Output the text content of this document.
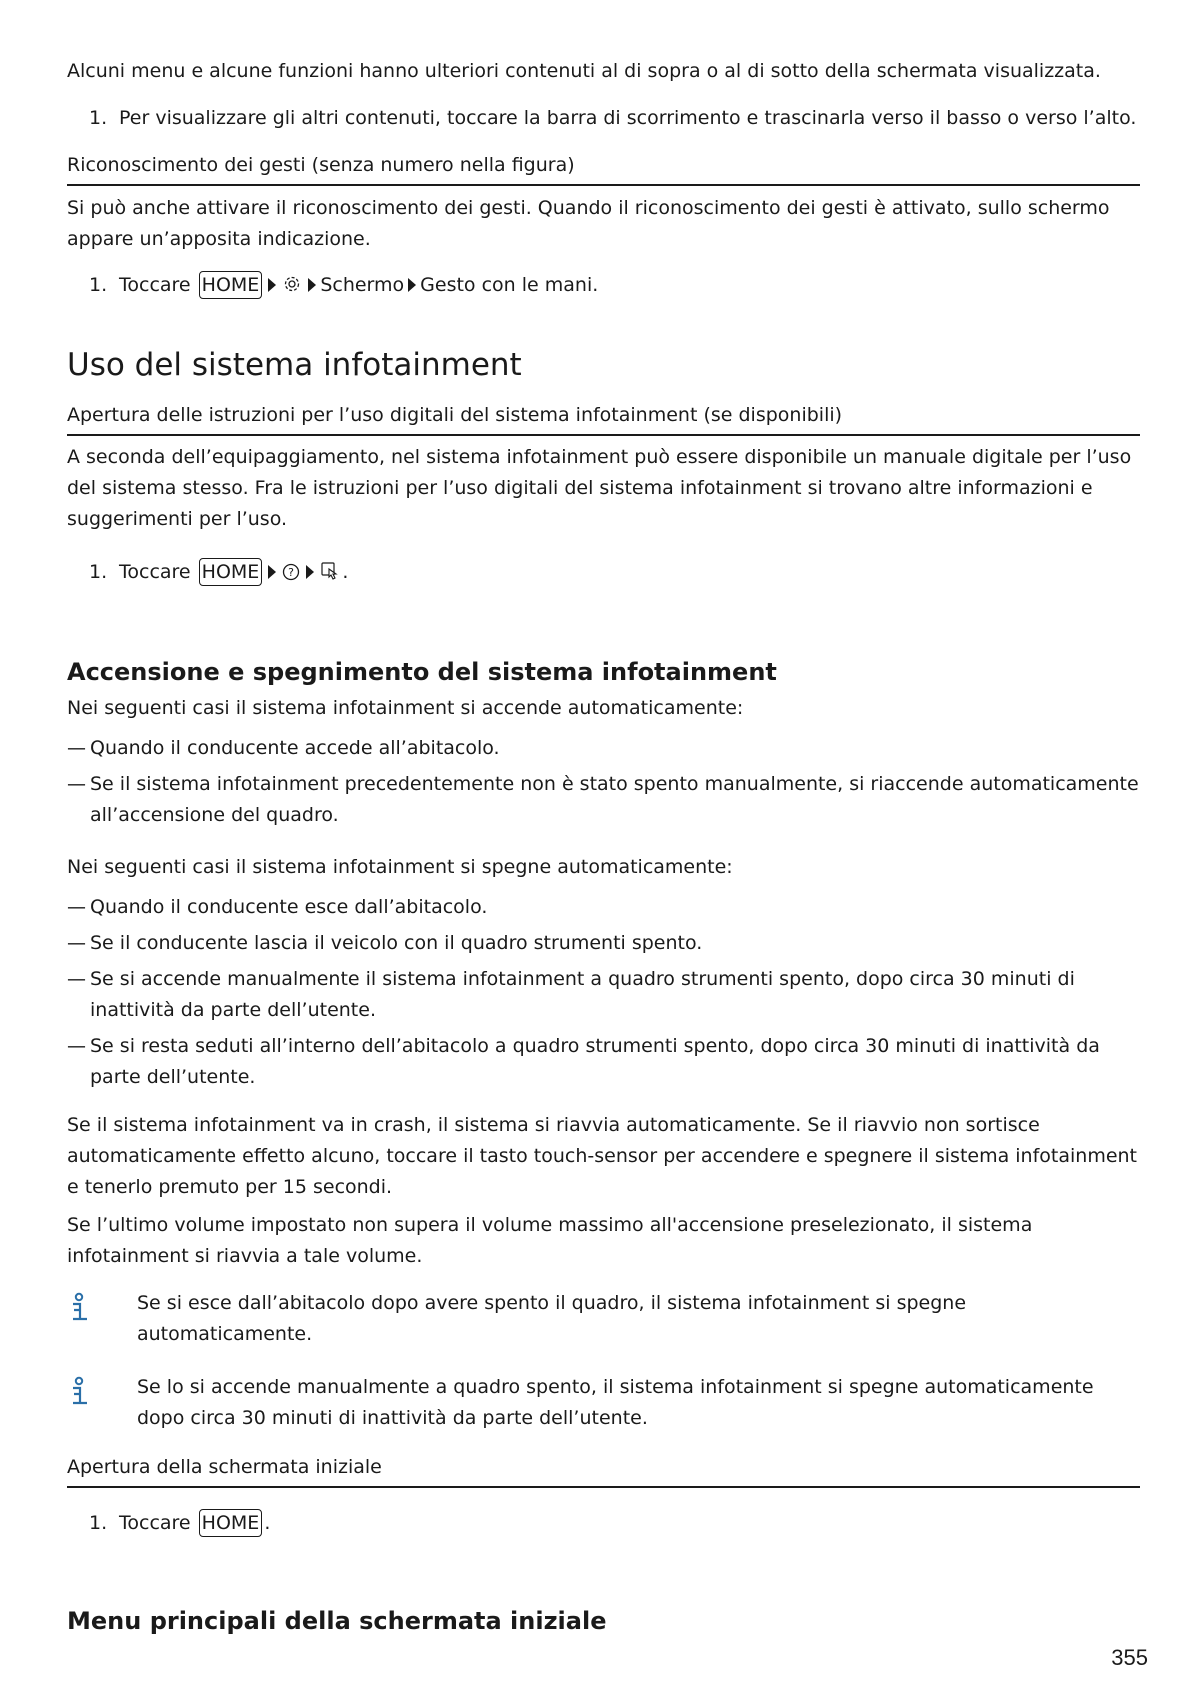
Alcuni menu e alcune funzioni hanno ulteriori contenuti al di sopra o al di sotto della schermata visualizzata.

1. Per visualizzare gli altri contenuti, toccare la barra di scorrimento e trascinarla verso il basso o verso l’alto.
Riconoscimento dei gesti (senza numero nella figura)

Si può anche attivare il riconoscimento dei gesti. Quando il riconoscimento dei gesti è attivato, sullo schermo appare un’apposita indicazione.

1. Toccare HOME	Schermo Gesto con le mani.
Uso del sistema infotainment
Apertura delle istruzioni per l’uso digitali del sistema infotainment (se disponibili)

A seconda dell’equipaggiamento, nel sistema infotainment può essere disponibile un manuale digitale per l’uso del sistema stesso. Fra le istruzioni per l’uso digitali del sistema infotainment si trovano altre informazioni e suggerimenti per l’uso.

1. Toccare HOME	?	.
Accensione e spegnimento del sistema infotainment

Nei seguenti casi il sistema infotainment si accende automaticamente:

— Quando il conducente accede all’abitacolo.
— Se il sistema infotainment precedentemente non è stato spento manualmente, si riaccende automaticamente all’accensione del quadro.

Nei seguenti casi il sistema infotainment si spegne automaticamente:

— Quando il conducente esce dall’abitacolo.
— Se il conducente lascia il veicolo con il quadro strumenti spento.
— Se si accende manualmente il sistema infotainment a quadro strumenti spento, dopo circa 30 minuti di inattività da parte dell’utente.
— Se si resta seduti all’interno dell’abitacolo a quadro strumenti spento, dopo circa 30 minuti di inattività da parte dell’utente.

Se il sistema infotainment va in crash, il sistema si riavvia automaticamente. Se il riavvio non sortisce automaticamente effetto alcuno, toccare il tasto touch-sensor per accendere e spegnere il sistema infotainment e tenerlo premuto per 15 secondi.

Se l’ultimo volume impostato non supera il volume massimo all'accensione preselezionato, il sistema infotainment si riavvia a tale volume.

Se si esce dall’abitacolo dopo avere spento il quadro, il sistema infotainment si spegne automaticamente.

Se lo si accende manualmente a quadro spento, il sistema infotainment si spegne automaticamente dopo circa 30 minuti di inattività da parte dell’utente.

Apertura della schermata iniziale
1. Toccare HOME .
Menu principali della schermata iniziale
355
